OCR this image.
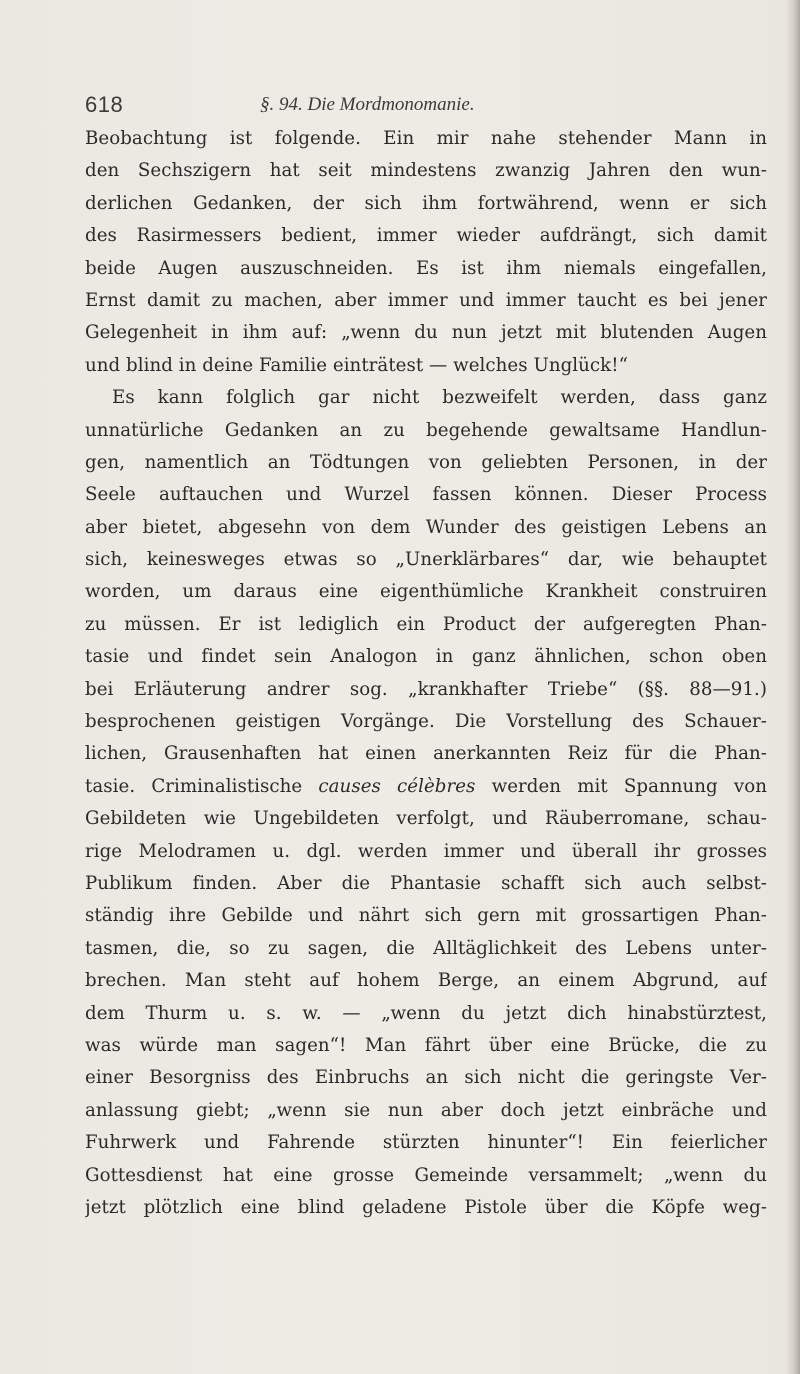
618	§. 94. Die Mordmonomanie.
Beobachtung ist folgende. Ein mir nahe stehender Mann in
den Sechszigern hat seit mindestens zwanzig Jahren den wun-
derlichen Gedanken, der sich ihm fortwährend, wenn er sich
des Rasirmessers bedient, immer wieder aufdrängt, sich damit
beide Augen auszuschneiden. Es ist ihm niemals eingefallen,
Ernst damit zu machen, aber immer und immer taucht es bei jener
Gelegenheit in ihm auf: „wenn du nun jetzt mit blutenden Augen
und blind in deine Familie einträtest — welches Unglück!“
Es kann folglich gar nicht bezweifelt werden, dass ganz
unnatürliche Gedanken an zu begehende gewaltsame Handlun-
gen, namentlich an Tödtungen von geliebten Personen, in der
Seele auftauchen und Wurzel fassen können. Dieser Process
aber bietet, abgesehn von dem Wunder des geistigen Lebens an
sich, keinesweges etwas so „Unerklärbares“ dar, wie behauptet
worden, um daraus eine eigenthümliche Krankheit construiren
zu müssen. Er ist lediglich ein Product der aufgeregten Phan-
tasie und findet sein Analogon in ganz ähnlichen, schon oben
bei Erläuterung andrer sog. „krankhafter Triebe“ (§§. 88—91.)
besprochenen geistigen Vorgänge. Die Vorstellung des Schauer-
lichen, Grausenhaften hat einen anerkannten Reiz für die Phan-
tasie. Criminalistische causes célèbres werden mit Spannung von
Gebildeten wie Ungebildeten verfolgt, und Räuberromane, schau-
rige Melodramen u. dgl. werden immer und überall ihr grosses
Publikum finden. Aber die Phantasie schafft sich auch selbst-
ständig ihre Gebilde und nährt sich gern mit grossartigen Phan-
tasmen, die, so zu sagen, die Alltäglichkeit des Lebens unter-
brechen. Man steht auf hohem Berge, an einem Abgrund, auf
dem Thurm u. s. w. — „wenn du jetzt dich hinabstürztest,
was würde man sagen“! Man fährt über eine Brücke, die zu
einer Besorgniss des Einbruchs an sich nicht die geringste Ver-
anlassung giebt; „wenn sie nun aber doch jetzt einbräche und
Fuhrwerk und Fahrende stürzten hinunter“! Ein feierlicher
Gottesdienst hat eine grosse Gemeinde versammelt; „wenn du
jetzt plötzlich eine blind geladene Pistole über die Köpfe weg-
